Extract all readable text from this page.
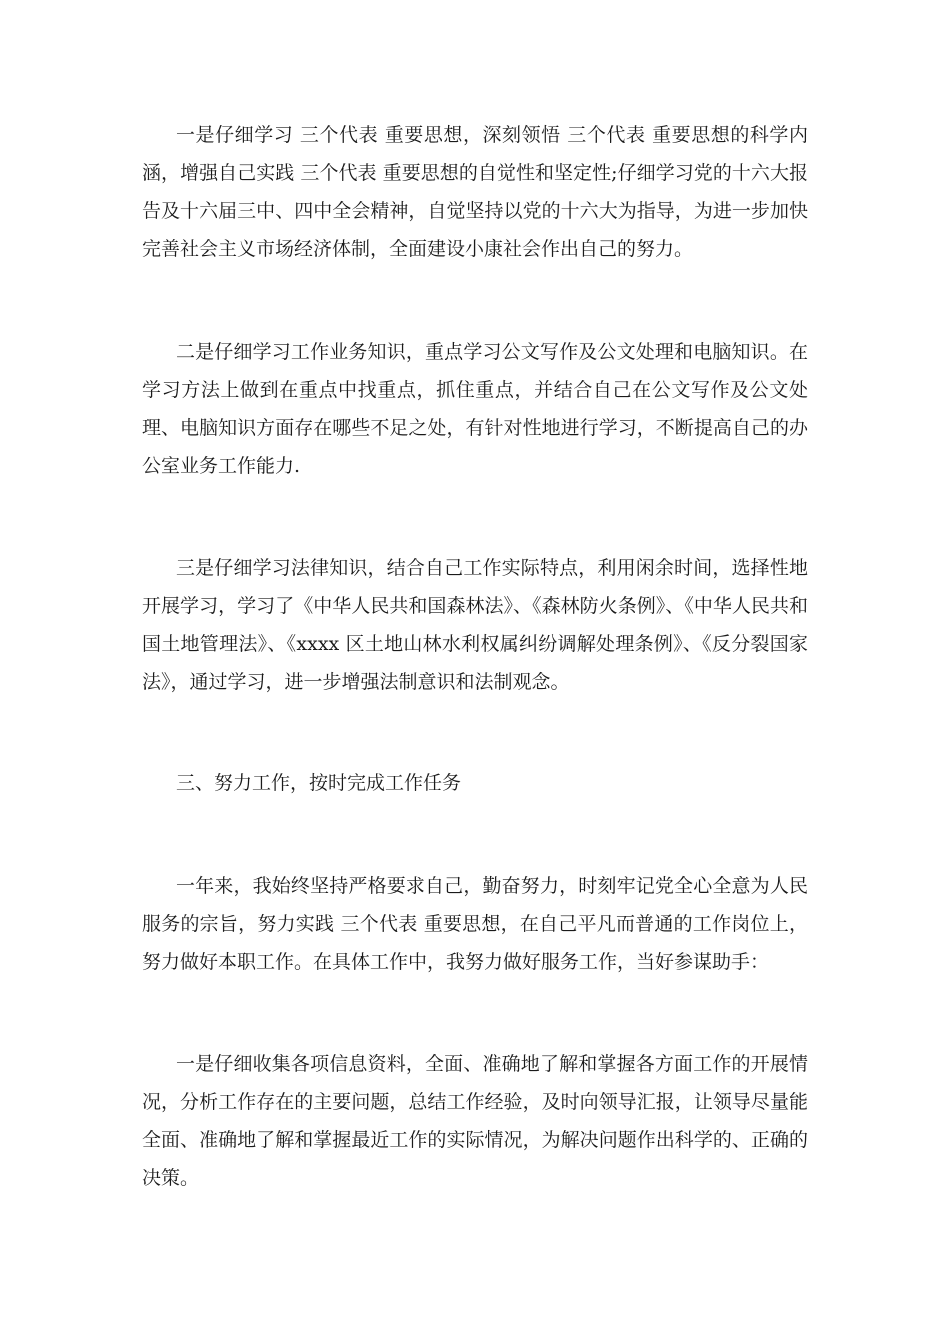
一是仔细学习 三个代表 重要思想，深刻领悟 三个代表 重要思想的科学内涵，增强自己实践 三个代表 重要思想的自觉性和坚定性;仔细学习党的十六大报告及十六届三中、四中全会精神，自觉坚持以党的十六大为指导，为进一步加快完善社会主义市场经济体制，全面建设小康社会作出自己的努力。

二是仔细学习工作业务知识，重点学习公文写作及公文处理和电脑知识。在学习方法上做到在重点中找重点，抓住重点，并结合自己在公文写作及公文处理、电脑知识方面存在哪些不足之处，有针对性地进行学习，不断提高自己的办公室业务工作能力.

三是仔细学习法律知识，结合自己工作实际特点，利用闲余时间，选择性地开展学习，学习了《中华人民共和国森林法》、《森林防火条例》、《中华人民共和国土地管理法》、《xxxx 区土地山林水利权属纠纷调解处理条例》、《反分裂国家法》，通过学习，进一步增强法制意识和法制观念。

三、努力工作，按时完成工作任务

一年来，我始终坚持严格要求自己，勤奋努力，时刻牢记党全心全意为人民服务的宗旨，努力实践 三个代表 重要思想，在自己平凡而普通的工作岗位上，努力做好本职工作。在具体工作中，我努力做好服务工作，当好参谋助手：

一是仔细收集各项信息资料，全面、准确地了解和掌握各方面工作的开展情况，分析工作存在的主要问题，总结工作经验，及时向领导汇报，让领导尽量能全面、准确地了解和掌握最近工作的实际情况，为解决问题作出科学的、正确的决策。
